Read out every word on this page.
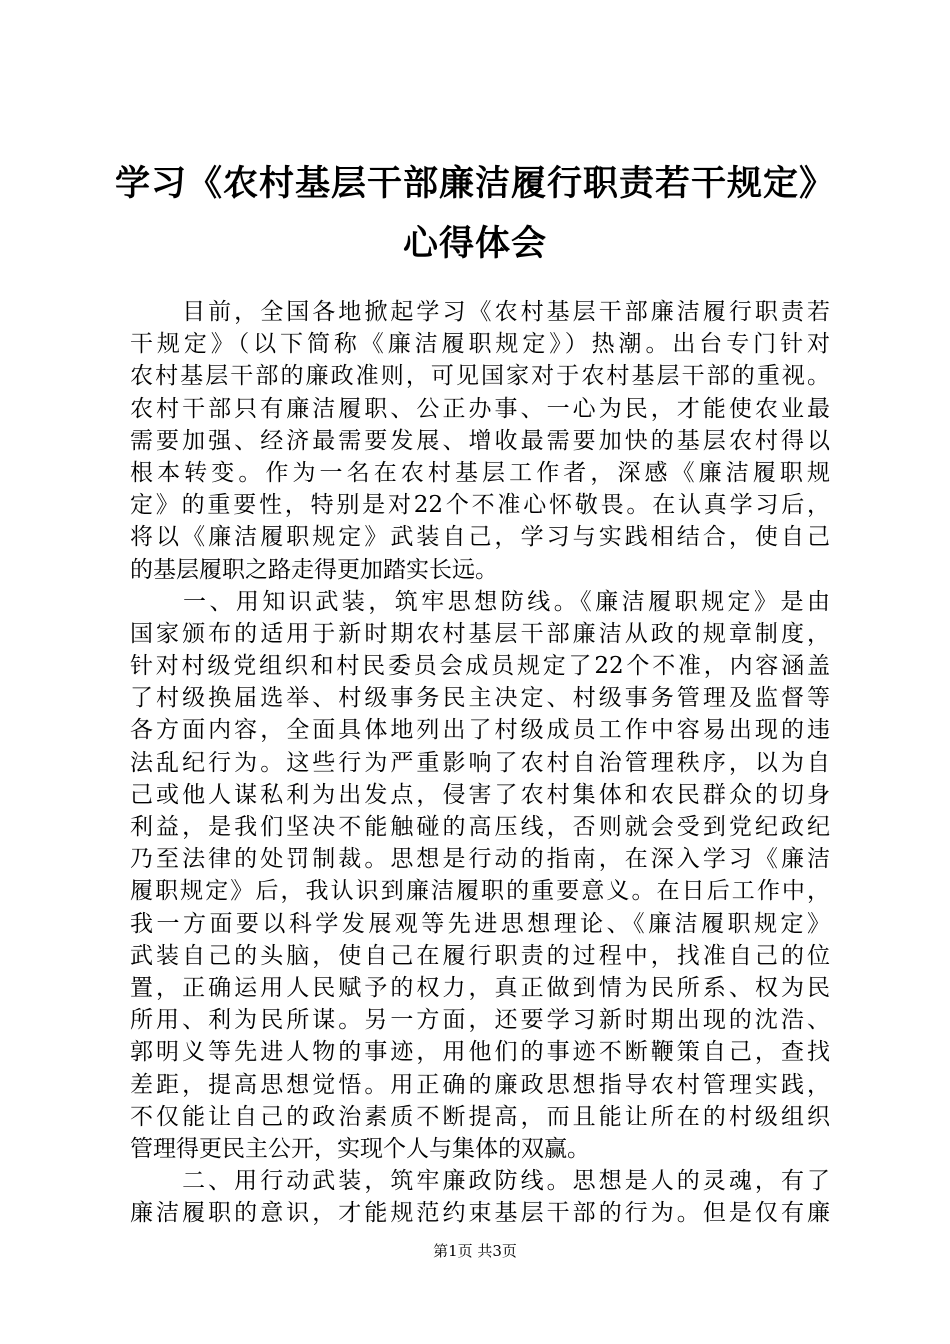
学习《农村基层干部廉洁履行职责若干规定》
心得体会
　　目前，全国各地掀起学习《农村基层干部廉洁履行职责若
干规定》（以下简称《廉洁履职规定》）热潮。出台专门针对
农村基层干部的廉政准则，可见国家对于农村基层干部的重视。
农村干部只有廉洁履职、公正办事、一心为民，才能使农业最
需要加强、经济最需要发展、增收最需要加快的基层农村得以
根本转变。作为一名在农村基层工作者，深感《廉洁履职规
定》的重要性，特别是对22个不准心怀敬畏。在认真学习后，
将以《廉洁履职规定》武装自己，学习与实践相结合，使自己
的基层履职之路走得更加踏实长远。
　　一、用知识武装，筑牢思想防线。《廉洁履职规定》是由
国家颁布的适用于新时期农村基层干部廉洁从政的规章制度，
针对村级党组织和村民委员会成员规定了22个不准，内容涵盖
了村级换届选举、村级事务民主决定、村级事务管理及监督等
各方面内容，全面具体地列出了村级成员工作中容易出现的违
法乱纪行为。这些行为严重影响了农村自治管理秩序，以为自
己或他人谋私利为出发点，侵害了农村集体和农民群众的切身
利益，是我们坚决不能触碰的高压线，否则就会受到党纪政纪
乃至法律的处罚制裁。思想是行动的指南，在深入学习《廉洁
履职规定》后，我认识到廉洁履职的重要意义。在日后工作中，
我一方面要以科学发展观等先进思想理论、《廉洁履职规定》
武装自己的头脑，使自己在履行职责的过程中，找准自己的位
置，正确运用人民赋予的权力，真正做到情为民所系、权为民
所用、利为民所谋。另一方面，还要学习新时期出现的沈浩、
郭明义等先进人物的事迹，用他们的事迹不断鞭策自己，查找
差距，提高思想觉悟。用正确的廉政思想指导农村管理实践，
不仅能让自己的政治素质不断提高，而且能让所在的村级组织
管理得更民主公开，实现个人与集体的双赢。
　　二、用行动武装，筑牢廉政防线。思想是人的灵魂，有了
廉洁履职的意识，才能规范约束基层干部的行为。但是仅有廉
第1页 共3页
